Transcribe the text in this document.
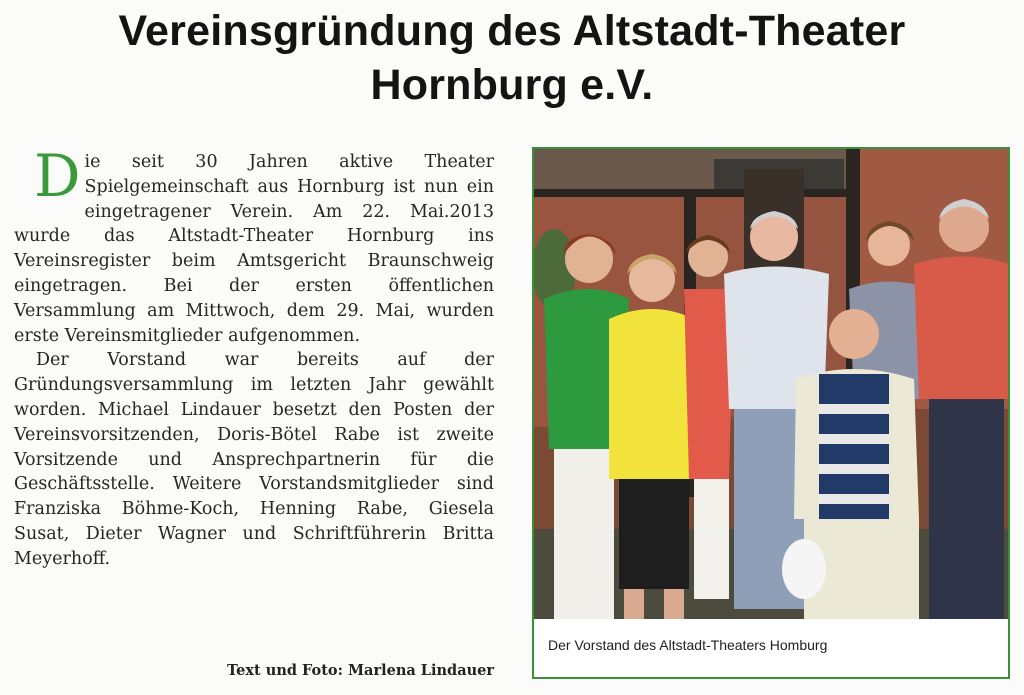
Vereinsgründung des Altstadt-Theater
Hornburg e.V.

Die seit 30 Jahren aktive Theater Spielgemeinschaft aus Hornburg ist nun ein eingetragener Verein. Am 22. Mai.2013 wurde das Altstadt-Theater Hornburg ins Vereinsregister beim Amtsgericht Braunschweig eingetragen. Bei der ersten öffentlichen Versammlung am Mittwoch, dem 29. Mai, wurden erste Vereinsmitglieder aufgenommen.

Der Vorstand war bereits auf der Gründungsversammlung im letzten Jahr gewählt worden. Michael Lindauer besetzt den Posten der Vereinsvorsitzenden, Doris-Bötel Rabe ist zweite Vorsitzende und Ansprechpartnerin für die Geschäftsstelle. Weitere Vorstandsmitglieder sind Franziska Böhme-Koch, Henning Rabe, Giesela Susat, Dieter Wagner und Schriftführerin Britta Meyerhoff.

Text und Foto: Marlena Lindauer
Der Vorstand des Altstadt-Theaters Homburg
